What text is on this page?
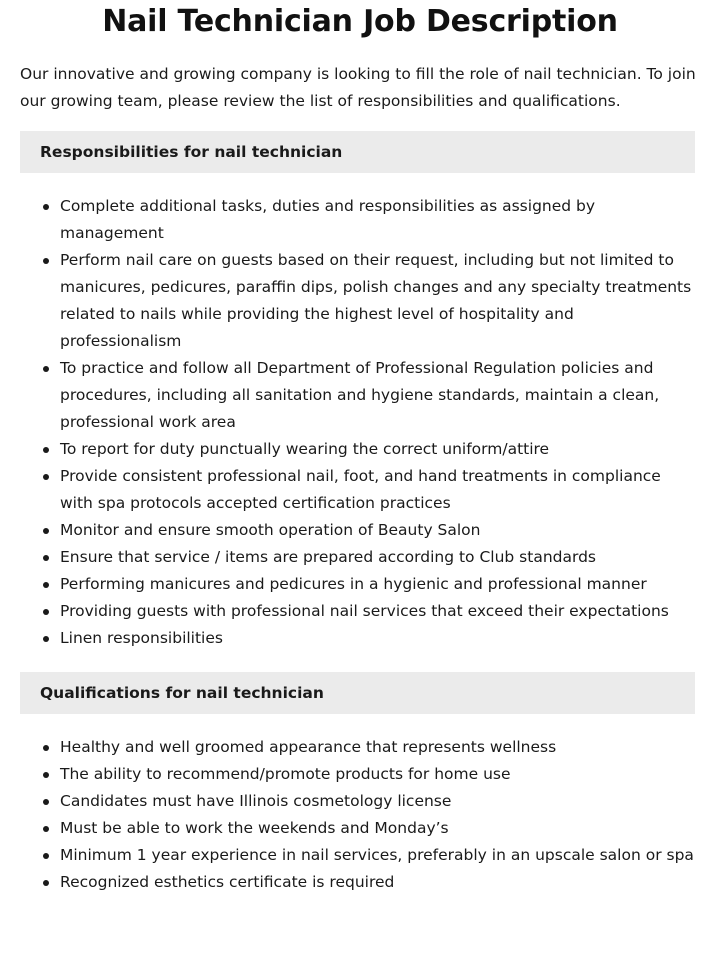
Nail Technician Job Description

Our innovative and growing company is looking to fill the role of nail technician. To join our growing team, please review the list of responsibilities and qualifications.

Responsibilities for nail technician
Complete additional tasks, duties and responsibilities as assigned by management
Perform nail care on guests based on their request, including but not limited to manicures, pedicures, paraffin dips, polish changes and any specialty treatments related to nails while providing the highest level of hospitality and professionalism
To practice and follow all Department of Professional Regulation policies and procedures, including all sanitation and hygiene standards, maintain a clean, professional work area
To report for duty punctually wearing the correct uniform/attire
Provide consistent professional nail, foot, and hand treatments in compliance with spa protocols accepted certification practices
Monitor and ensure smooth operation of Beauty Salon
Ensure that service / items are prepared according to Club standards
Performing manicures and pedicures in a hygienic and professional manner
Providing guests with professional nail services that exceed their expectations
Linen responsibilities
Qualifications for nail technician
Healthy and well groomed appearance that represents wellness
The ability to recommend/promote products for home use
Candidates must have Illinois cosmetology license
Must be able to work the weekends and Monday’s
Minimum 1 year experience in nail services, preferably in an upscale salon or spa
Recognized esthetics certificate is required
